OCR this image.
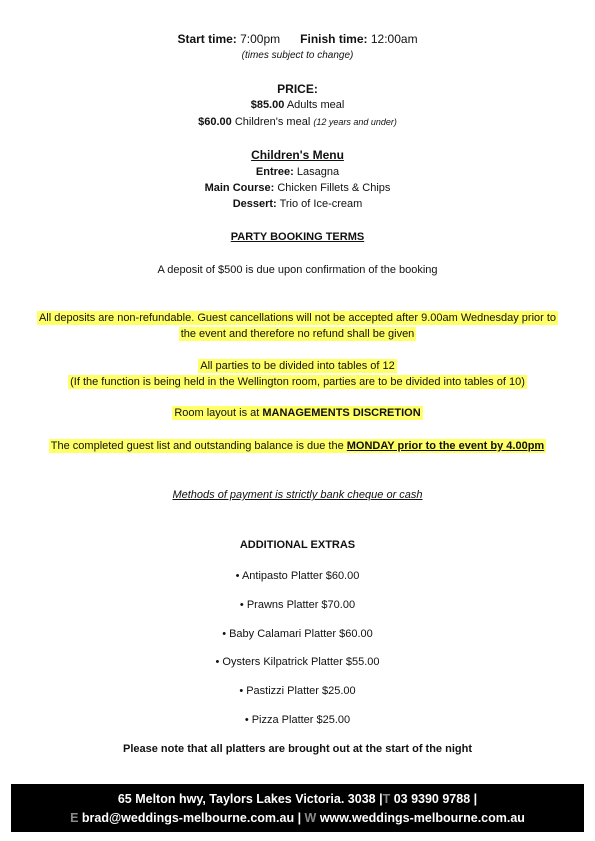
Start time: 7:00pm Finish time: 12:00am
(times subject to change)
PRICE:
$85.00 Adults meal
$60.00 Children's meal (12 years and under)
Children's Menu
Entree: Lasagna
Main Course: Chicken Fillets & Chips
Dessert: Trio of Ice-cream
PARTY BOOKING TERMS
A deposit of $500 is due upon confirmation of the booking
All deposits are non-refundable. Guest cancellations will not be accepted after 9.00am Wednesday prior to
the event and therefore no refund shall be given
All parties to be divided into tables of 12
(If the function is being held in the Wellington room, parties are to be divided into tables of 10)
Room layout is at MANAGEMENTS DISCRETION
The completed guest list and outstanding balance is due the MONDAY prior to the event by 4.00pm
Methods of payment is strictly bank cheque or cash
ADDITIONAL EXTRAS
• Antipasto Platter $60.00
• Prawns Platter $70.00
• Baby Calamari Platter $60.00
• Oysters Kilpatrick Platter $55.00
• Pastizzi Platter $25.00
• Pizza Platter $25.00
Please note that all platters are brought out at the start of the night
65 Melton hwy, Taylors Lakes Victoria. 3038 |T 03 9390 9788 |
E brad@weddings-melbourne.com.au | W www.weddings-melbourne.com.au
